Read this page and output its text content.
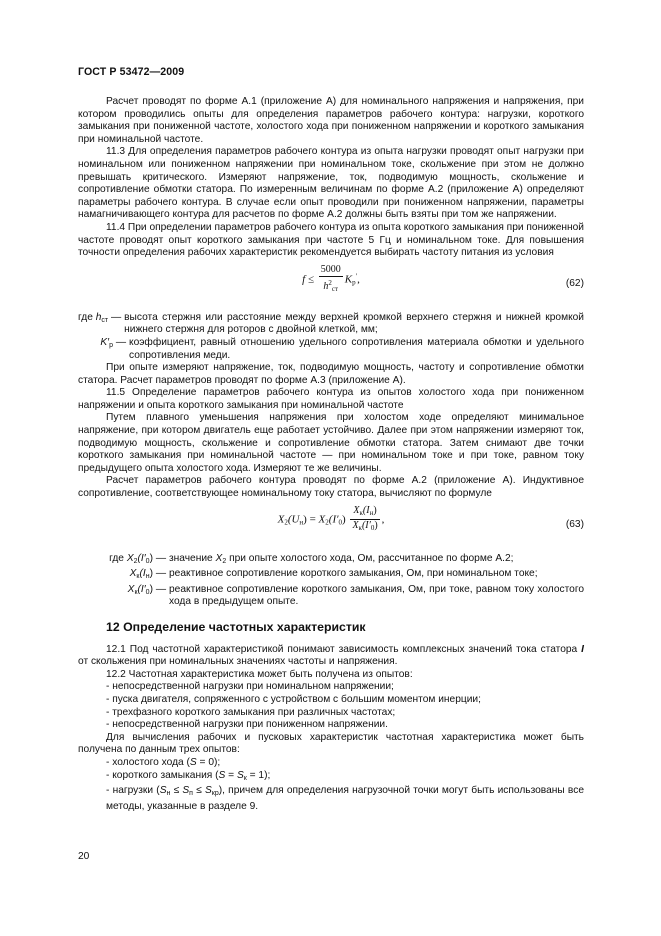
ГОСТ Р 53472—2009

Расчет проводят по форме А.1 (приложение А) для номинального напряжения и напряжения, при котором проводились опыты для определения параметров рабочего контура: нагрузки, короткого замыкания при пониженной частоте, холостого хода при пониженном напряжении и короткого замыкания при номинальной частоте.

11.3 Для определения параметров рабочего контура из опыта нагрузки проводят опыт нагрузки при номинальном или пониженном напряжении при номинальном токе, скольжение при этом не должно превышать критического. Измеряют напряжение, ток, подводимую мощность, скольжение и сопротивление обмотки статора. По измеренным величинам по форме А.2 (приложение А) определяют параметры рабочего контура. В случае если опыт проводили при пониженном напряжении, параметры намагничивающего контура для расчетов по форме А.2 должны быть взяты при том же напряжении.

11.4 При определении параметров рабочего контура из опыта короткого замыкания при пониженной частоте проводят опыт короткого замыкания при частоте 5 Гц и номинальном токе. Для повышения точности определения рабочих характеристик рекомендуется выбирать частоту питания из условия

$f \le \frac{5000}{h^2_{ст}} K_р'$,	(62)
где $h_{ст}$ — высота стержня или расстояние между верхней кромкой верхнего стержня и нижней кромкой нижнего стержня для роторов с двойной клеткой, мм;
$K'_р$ — коэффициент, равный отношению удельного сопротивления материала обмотки и удельного сопротивления меди.

При опыте измеряют напряжение, ток, подводимую мощность, частоту и сопротивление обмотки статора. Расчет параметров проводят по форме А.3 (приложение А).

11.5 Определение параметров рабочего контура из опытов холостого хода при пониженном напряжении и опыта короткого замыкания при номинальной частоте

Путем плавного уменьшения напряжения при холостом ходе определяют минимальное напряжение, при котором двигатель еще работает устойчиво. Далее при этом напряжении измеряют ток, подводимую мощность, скольжение и сопротивление обмотки статора. Затем снимают две точки короткого замыкания при номинальной частоте — при номинальном токе и при токе, равном току предыдущего опыта холостого хода. Измеряют те же величины.

Расчет параметров рабочего контура проводят по форме А.2 (приложение А). Индуктивное сопротивление, соответствующее номинальному току статора, вычисляют по формуле

$X_2(U_н) = X_2(I'_0) \frac{X_к(I_н)}{X_к(I'_0)}$ ,	(63)
где $X_2(I'_0)$ — значение $X_2$ при опыте холостого хода, Ом, рассчитанное по форме А.2;
$X_к(I_н)$ — реактивное сопротивление короткого замыкания, Ом, при номинальном токе;
$X_к(I'_0)$ — реактивное сопротивление короткого замыкания, Ом, при токе, равном току холостого хода в предыдущем опыте.
12 Определение частотных характеристик

12.1 Под частотной характеристикой понимают зависимость комплексных значений тока статора I от скольжения при номинальных значениях частоты и напряжения.

12.2 Частотная характеристика может быть получена из опытов:

- непосредственной нагрузки при номинальном напряжении;
- пуска двигателя, сопряженного с устройством с большим моментом инерции;
- трехфазного короткого замыкания при различных частотах;
- непосредственной нагрузки при пониженном напряжении.

Для вычисления рабочих и пусковых характеристик частотная характеристика может быть получена по данным трех опытов:

- холостого хода (S = 0);
- короткого замыкания $(S = S_к = 1)$;
- нагрузки $(S_н \le S_п \le S_{кр})$, причем для определения нагрузочной точки могут быть использованы все методы, указанные в разделе 9.
20
